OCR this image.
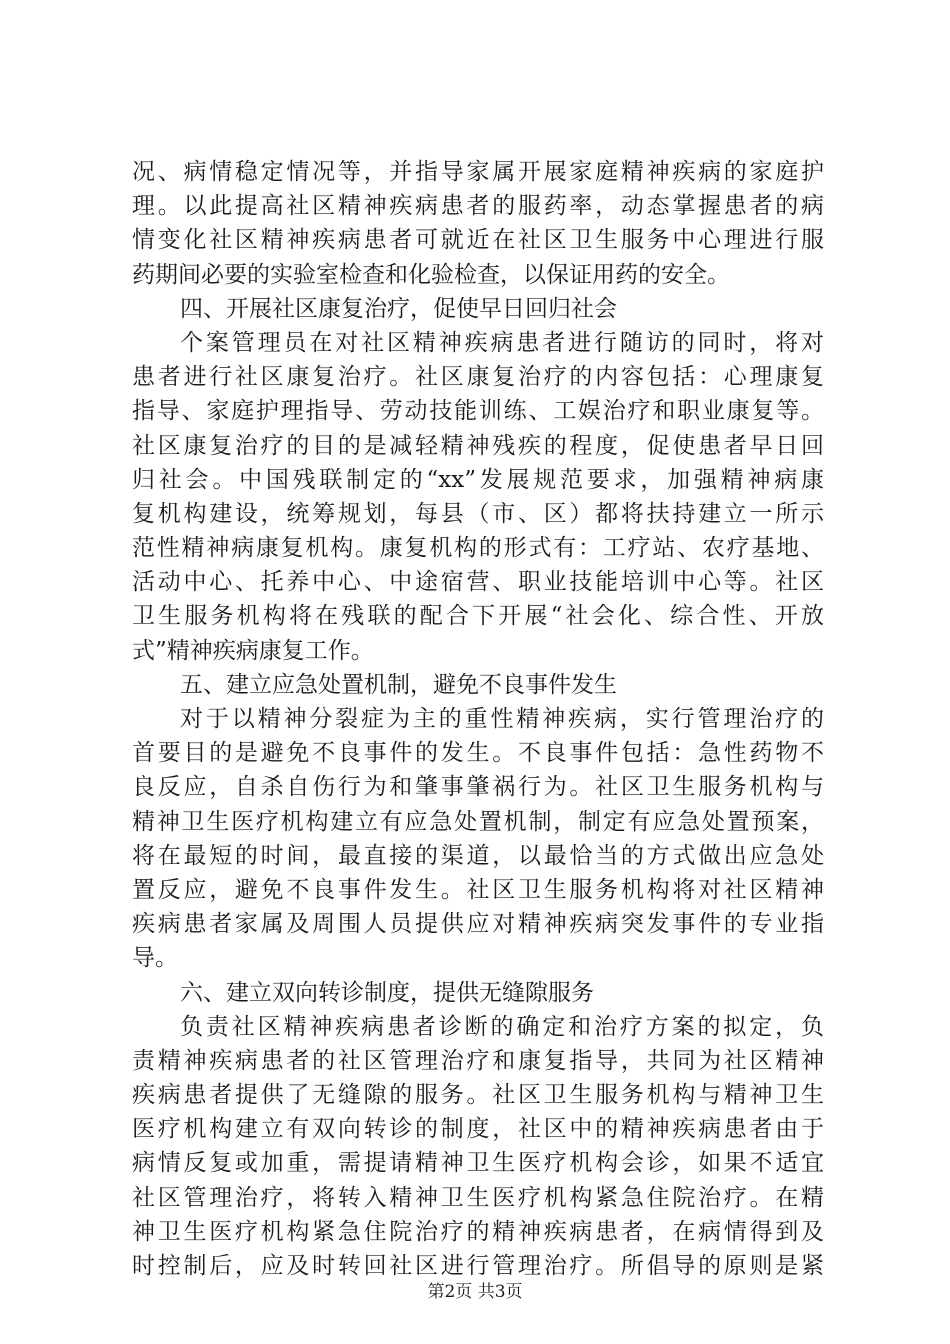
况、病情稳定情况等，并指导家属开展家庭精神疾病的家庭护
理。以此提高社区精神疾病患者的服药率，动态掌握患者的病
情变化社区精神疾病患者可就近在社区卫生服务中心理进行服
药期间必要的实验室检查和化验检查，以保证用药的安全。
四、开展社区康复治疗，促使早日回归社会
个案管理员在对社区精神疾病患者进行随访的同时，将对
患者进行社区康复治疗。社区康复治疗的内容包括：心理康复
指导、家庭护理指导、劳动技能训练、工娱治疗和职业康复等。
社区康复治疗的目的是减轻精神残疾的程度，促使患者早日回
归社会。中国残联制定的“xx”发展规范要求，加强精神病康
复机构建设，统筹规划，每县（市、区）都将扶持建立一所示
范性精神病康复机构。康复机构的形式有：工疗站、农疗基地、
活动中心、托养中心、中途宿营、职业技能培训中心等。社区
卫生服务机构将在残联的配合下开展“社会化、综合性、开放
式”精神疾病康复工作。
五、建立应急处置机制，避免不良事件发生
对于以精神分裂症为主的重性精神疾病，实行管理治疗的
首要目的是避免不良事件的发生。不良事件包括：急性药物不
良反应，自杀自伤行为和肇事肇祸行为。社区卫生服务机构与
精神卫生医疗机构建立有应急处置机制，制定有应急处置预案，
将在最短的时间，最直接的渠道，以最恰当的方式做出应急处
置反应，避免不良事件发生。社区卫生服务机构将对社区精神
疾病患者家属及周围人员提供应对精神疾病突发事件的专业指
导。
六、建立双向转诊制度，提供无缝隙服务
负责社区精神疾病患者诊断的确定和治疗方案的拟定，负
责精神疾病患者的社区管理治疗和康复指导，共同为社区精神
疾病患者提供了无缝隙的服务。社区卫生服务机构与精神卫生
医疗机构建立有双向转诊的制度，社区中的精神疾病患者由于
病情反复或加重，需提请精神卫生医疗机构会诊，如果不适宜
社区管理治疗，将转入精神卫生医疗机构紧急住院治疗。在精
神卫生医疗机构紧急住院治疗的精神疾病患者，在病情得到及
时控制后，应及时转回社区进行管理治疗。所倡导的原则是紧
第2页 共3页
